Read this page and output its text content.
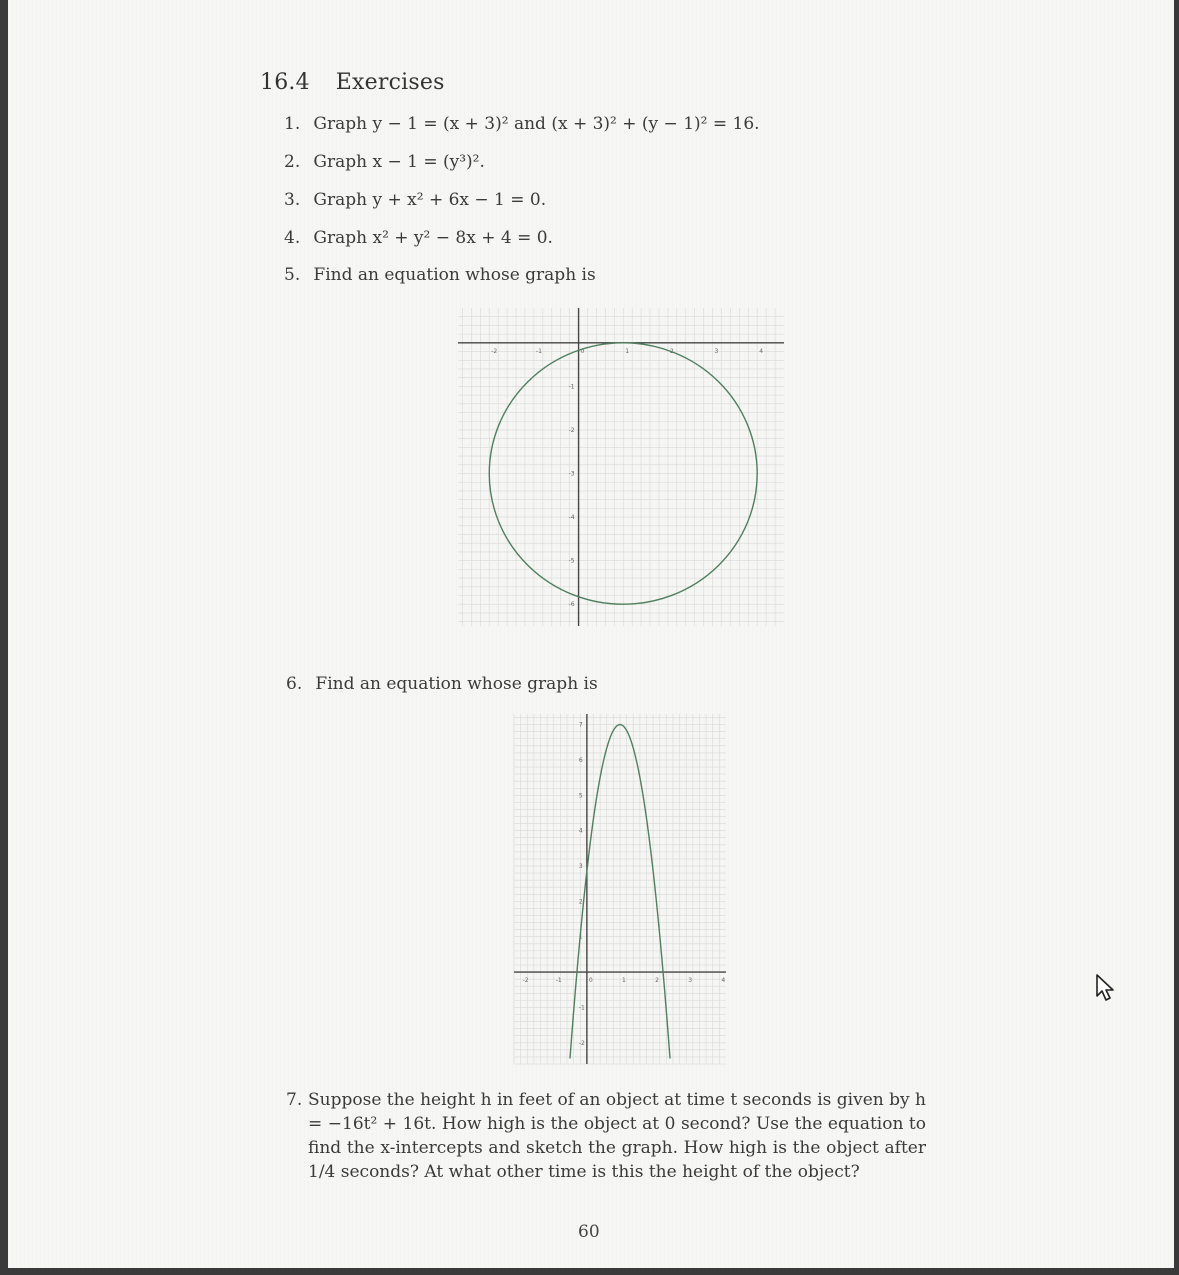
16.4 Exercises
1. Graph y − 1 = (x + 3)² and (x + 3)² + (y − 1)² = 16.
2. Graph x − 1 = (y³)².
3. Graph y + x² + 6x − 1 = 0.
4. Graph x² + y² − 8x + 4 = 0.
5. Find an equation whose graph is
-2	-1	0	1	2	3	4
-1
-2
-3
-4
-5
-6
6. Find an equation whose graph is
-2	-1	0	1	2	3	4
7
6
5
4
3
2
1
-1
-2
7. Suppose the height h in feet of an object at time t seconds is given by h = −16t² + 16t. How high is the object at 0 second? Use the equation to find the x-intercepts and sketch the graph. How high is the object after 1/4 seconds? At what other time is this the height of the object?
60
